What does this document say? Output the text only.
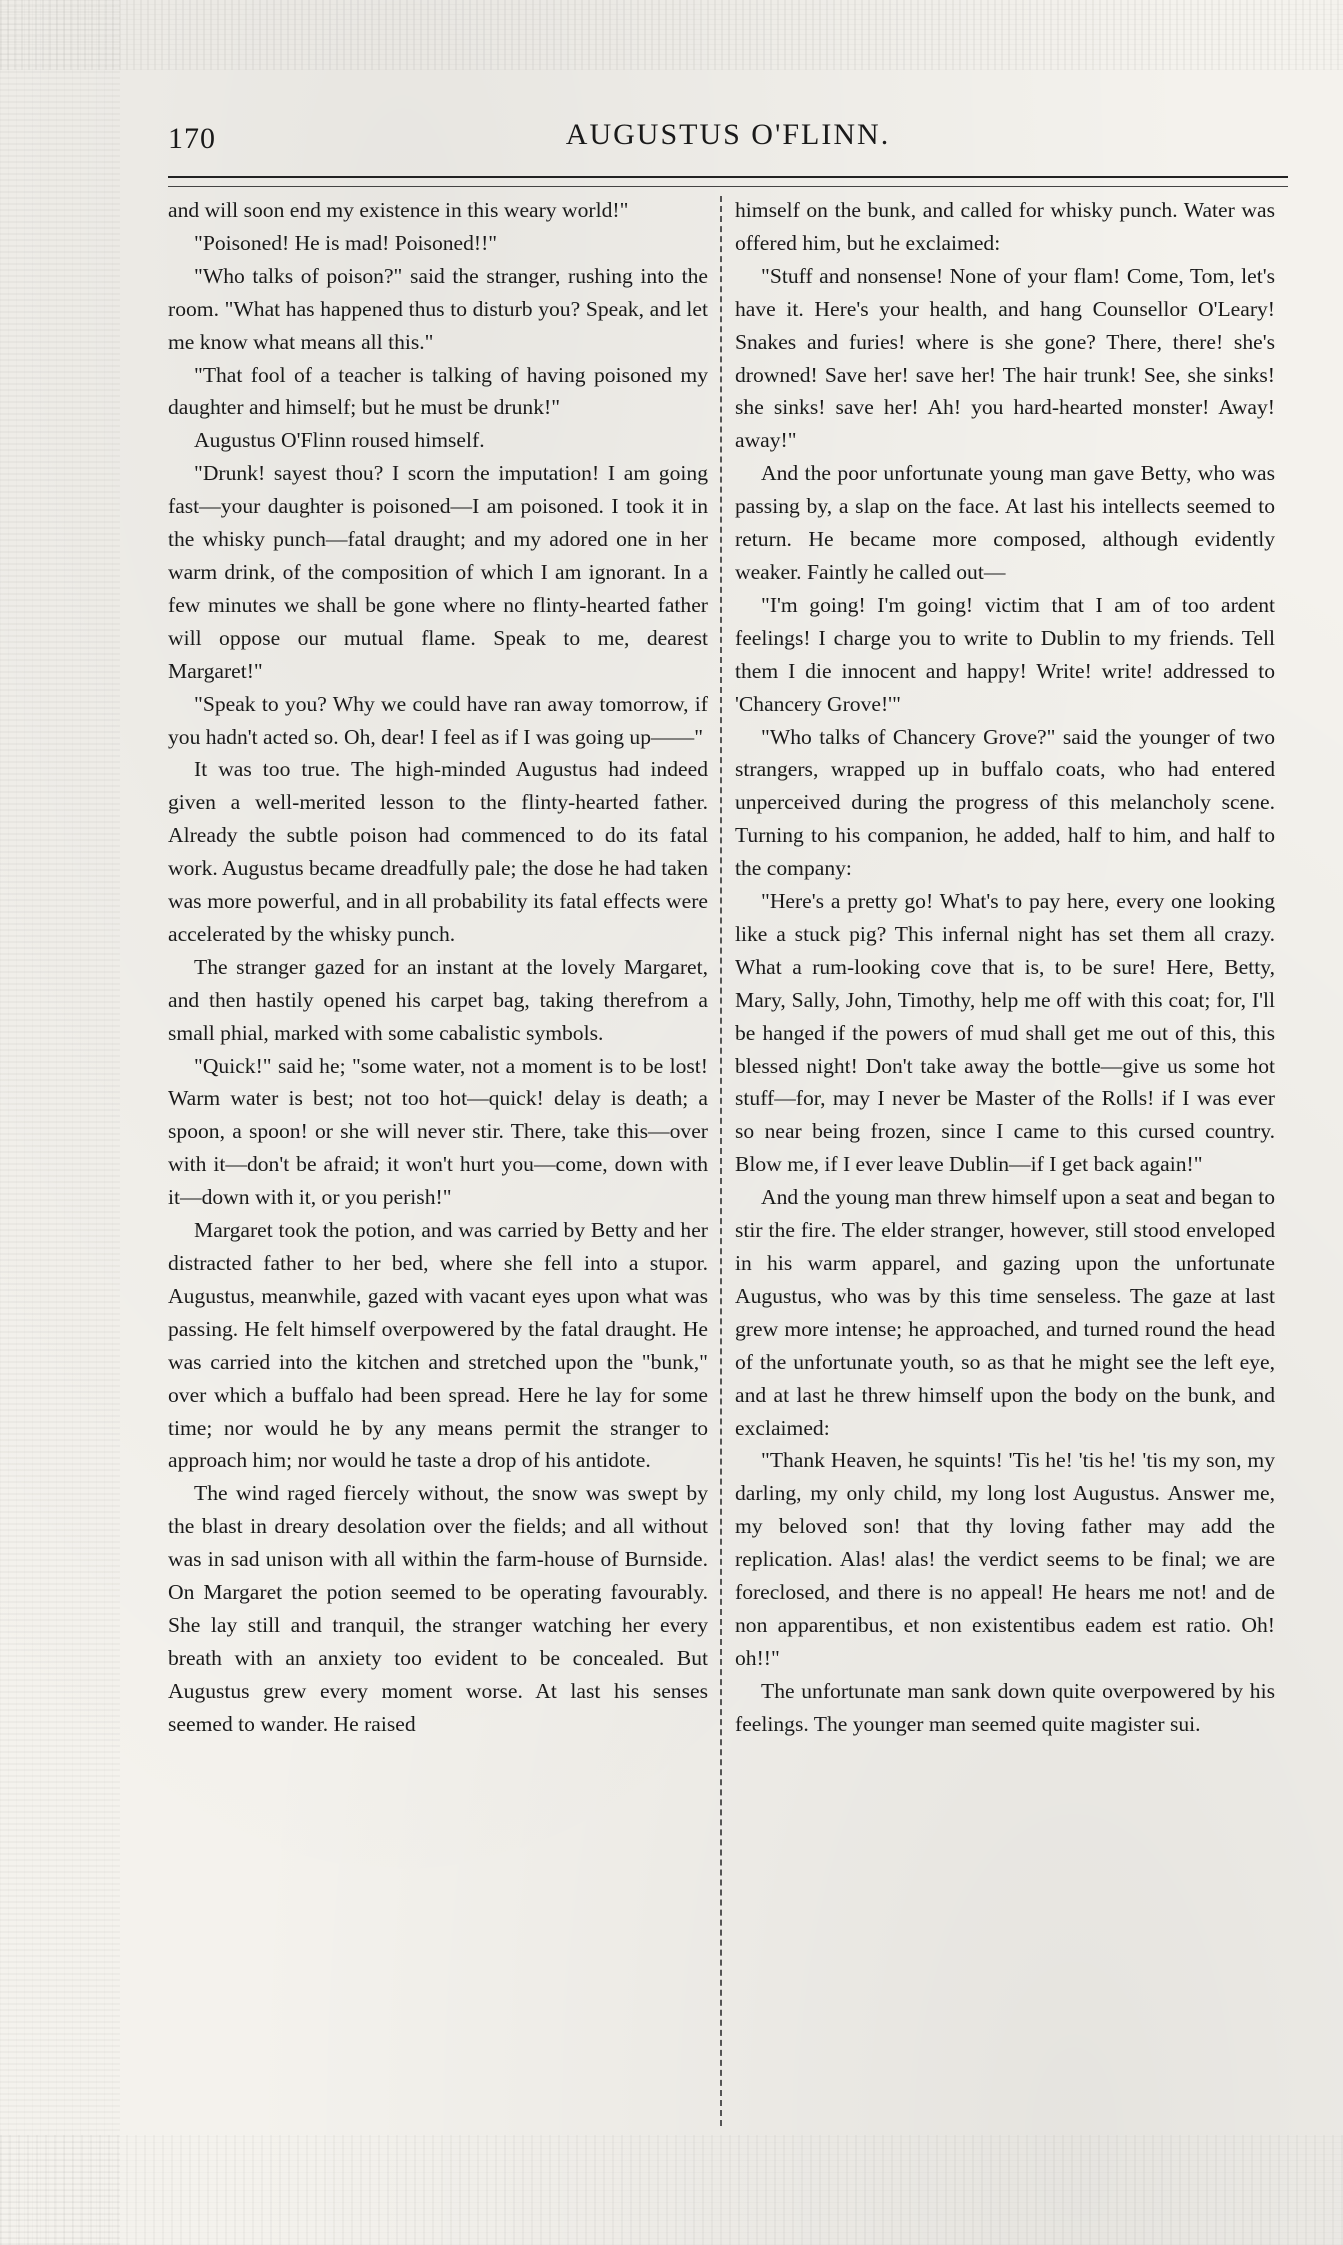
170	AUGUSTUS O'FLINN.

and will soon end my existence in this weary world!"

"Poisoned! He is mad! Poisoned!!"

"Who talks of poison?" said the stranger, rushing into the room. "What has happened thus to disturb you? Speak, and let me know what means all this."

"That fool of a teacher is talking of having poisoned my daughter and himself; but he must be drunk!"

Augustus O'Flinn roused himself.

"Drunk! sayest thou? I scorn the imputation! I am going fast—your daughter is poisoned—I am poisoned. I took it in the whisky punch—fatal draught; and my adored one in her warm drink, of the composition of which I am ignorant. In a few minutes we shall be gone where no flinty-hearted father will oppose our mutual flame. Speak to me, dearest Margaret!"

"Speak to you? Why we could have ran away tomorrow, if you hadn't acted so. Oh, dear! I feel as if I was going up——"

It was too true. The high-minded Augustus had indeed given a well-merited lesson to the flinty-hearted father. Already the subtle poison had commenced to do its fatal work. Augustus became dreadfully pale; the dose he had taken was more powerful, and in all probability its fatal effects were accelerated by the whisky punch.

The stranger gazed for an instant at the lovely Margaret, and then hastily opened his carpet bag, taking therefrom a small phial, marked with some cabalistic symbols.

"Quick!" said he; "some water, not a moment is to be lost! Warm water is best; not too hot—quick! delay is death; a spoon, a spoon! or she will never stir. There, take this—over with it—don't be afraid; it won't hurt you—come, down with it—down with it, or you perish!"

Margaret took the potion, and was carried by Betty and her distracted father to her bed, where she fell into a stupor. Augustus, meanwhile, gazed with vacant eyes upon what was passing. He felt himself overpowered by the fatal draught. He was carried into the kitchen and stretched upon the "bunk," over which a buffalo had been spread. Here he lay for some time; nor would he by any means permit the stranger to approach him; nor would he taste a drop of his antidote.

The wind raged fiercely without, the snow was swept by the blast in dreary desolation over the fields; and all without was in sad unison with all within the farm-house of Burnside. On Margaret the potion seemed to be operating favourably. She lay still and tranquil, the stranger watching her every breath with an anxiety too evident to be concealed. But Augustus grew every moment worse. At last his senses seemed to wander. He raised

himself on the bunk, and called for whisky punch. Water was offered him, but he exclaimed:

"Stuff and nonsense! None of your flam! Come, Tom, let's have it. Here's your health, and hang Counsellor O'Leary! Snakes and furies! where is she gone? There, there! she's drowned! Save her! save her! The hair trunk! See, she sinks! she sinks! save her! Ah! you hard-hearted monster! Away! away!"

And the poor unfortunate young man gave Betty, who was passing by, a slap on the face. At last his intellects seemed to return. He became more composed, although evidently weaker. Faintly he called out—

"I'm going! I'm going! victim that I am of too ardent feelings! I charge you to write to Dublin to my friends. Tell them I die innocent and happy! Write! write! addressed to 'Chancery Grove!'"

"Who talks of Chancery Grove?" said the younger of two strangers, wrapped up in buffalo coats, who had entered unperceived during the progress of this melancholy scene. Turning to his companion, he added, half to him, and half to the company:

"Here's a pretty go! What's to pay here, every one looking like a stuck pig? This infernal night has set them all crazy. What a rum-looking cove that is, to be sure! Here, Betty, Mary, Sally, John, Timothy, help me off with this coat; for, I'll be hanged if the powers of mud shall get me out of this, this blessed night! Don't take away the bottle—give us some hot stuff—for, may I never be Master of the Rolls! if I was ever so near being frozen, since I came to this cursed country. Blow me, if I ever leave Dublin—if I get back again!"

And the young man threw himself upon a seat and began to stir the fire. The elder stranger, however, still stood enveloped in his warm apparel, and gazing upon the unfortunate Augustus, who was by this time senseless. The gaze at last grew more intense; he approached, and turned round the head of the unfortunate youth, so as that he might see the left eye, and at last he threw himself upon the body on the bunk, and exclaimed:

"Thank Heaven, he squints! 'Tis he! 'tis he! 'tis my son, my darling, my only child, my long lost Augustus. Answer me, my beloved son! that thy loving father may add the replication. Alas! alas! the verdict seems to be final; we are foreclosed, and there is no appeal! He hears me not! and de non apparentibus, et non existentibus eadem est ratio. Oh! oh!!"

The unfortunate man sank down quite overpowered by his feelings. The younger man seemed quite magister sui.
